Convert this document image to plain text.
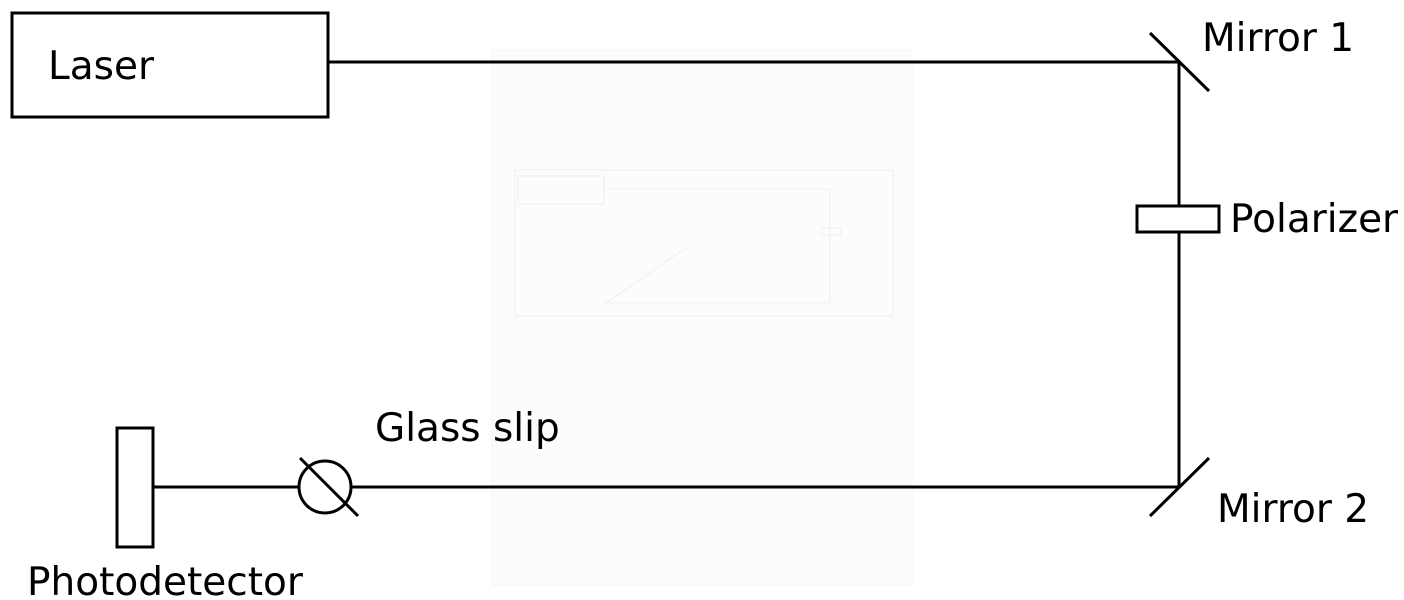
Laser
Mirror 1
Polarizer
Mirror 2
Glass slip
Photodetector
